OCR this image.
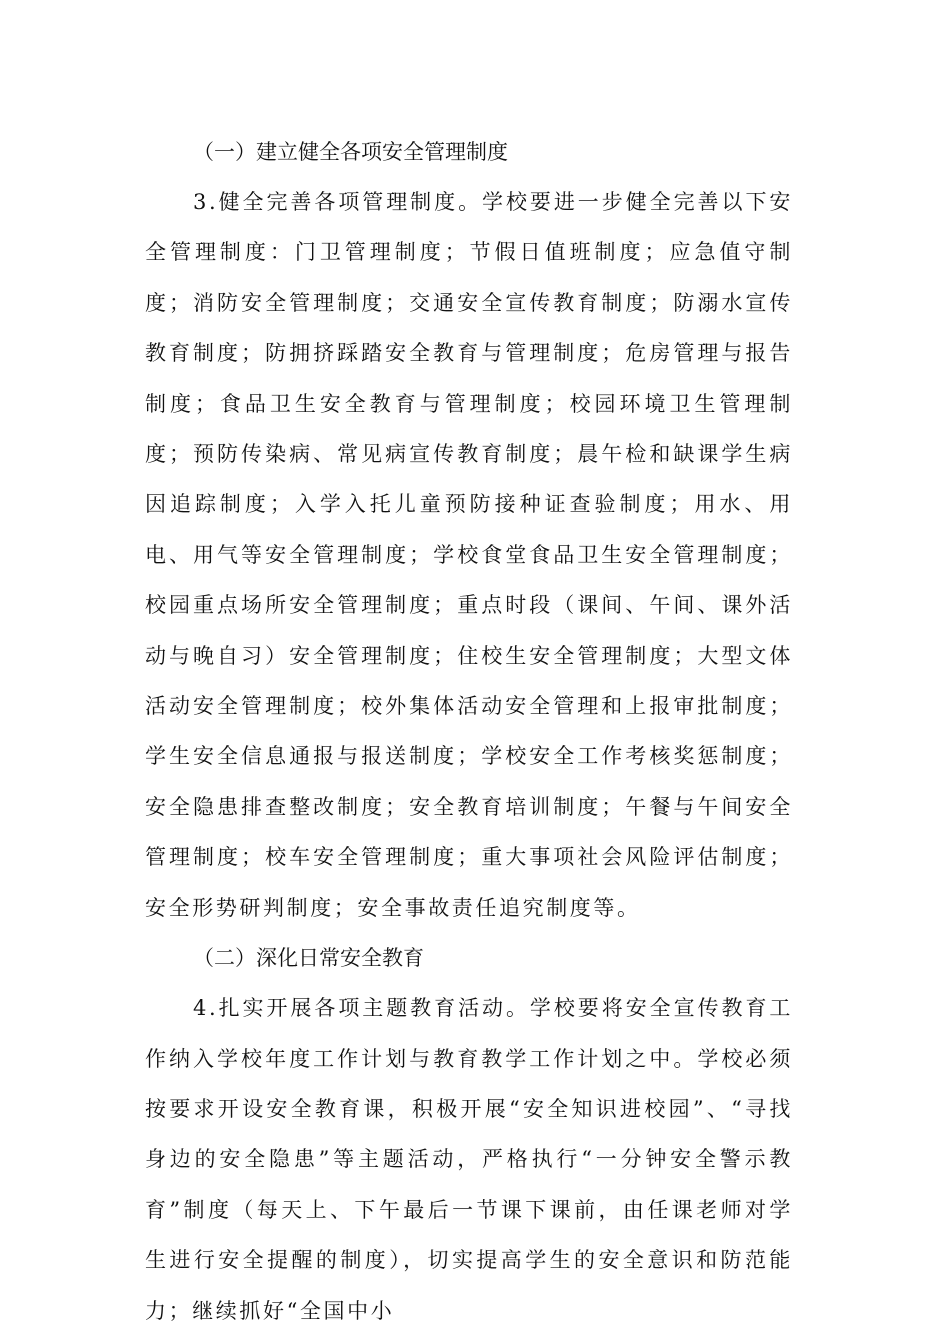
（一）建立健全各项安全管理制度

3.健全完善各项管理制度。学校要进一步健全完善以下安全管理制度：门卫管理制度；节假日值班制度；应急值守制度；消防安全管理制度；交通安全宣传教育制度；防溺水宣传教育制度；防拥挤踩踏安全教育与管理制度；危房管理与报告制度；食品卫生安全教育与管理制度；校园环境卫生管理制度；预防传染病、常见病宣传教育制度；晨午检和缺课学生病因追踪制度；入学入托儿童预防接种证查验制度；用水、用电、用气等安全管理制度；学校食堂食品卫生安全管理制度；校园重点场所安全管理制度；重点时段（课间、午间、课外活动与晚自习）安全管理制度；住校生安全管理制度；大型文体活动安全管理制度；校外集体活动安全管理和上报审批制度；学生安全信息通报与报送制度；学校安全工作考核奖惩制度；安全隐患排查整改制度；安全教育培训制度；午餐与午间安全管理制度；校车安全管理制度；重大事项社会风险评估制度；安全形势研判制度；安全事故责任追究制度等。

（二）深化日常安全教育

4.扎实开展各项主题教育活动。学校要将安全宣传教育工作纳入学校年度工作计划与教育教学工作计划之中。学校必须按要求开设安全教育课，积极开展“安全知识进校园”、“寻找身边的安全隐患”等主题活动，严格执行“一分钟安全警示教育”制度（每天上、下午最后一节课下课前，由任课老师对学生进行安全提醒的制度），切实提高学生的安全意识和防范能力；继续抓好“全国中小
